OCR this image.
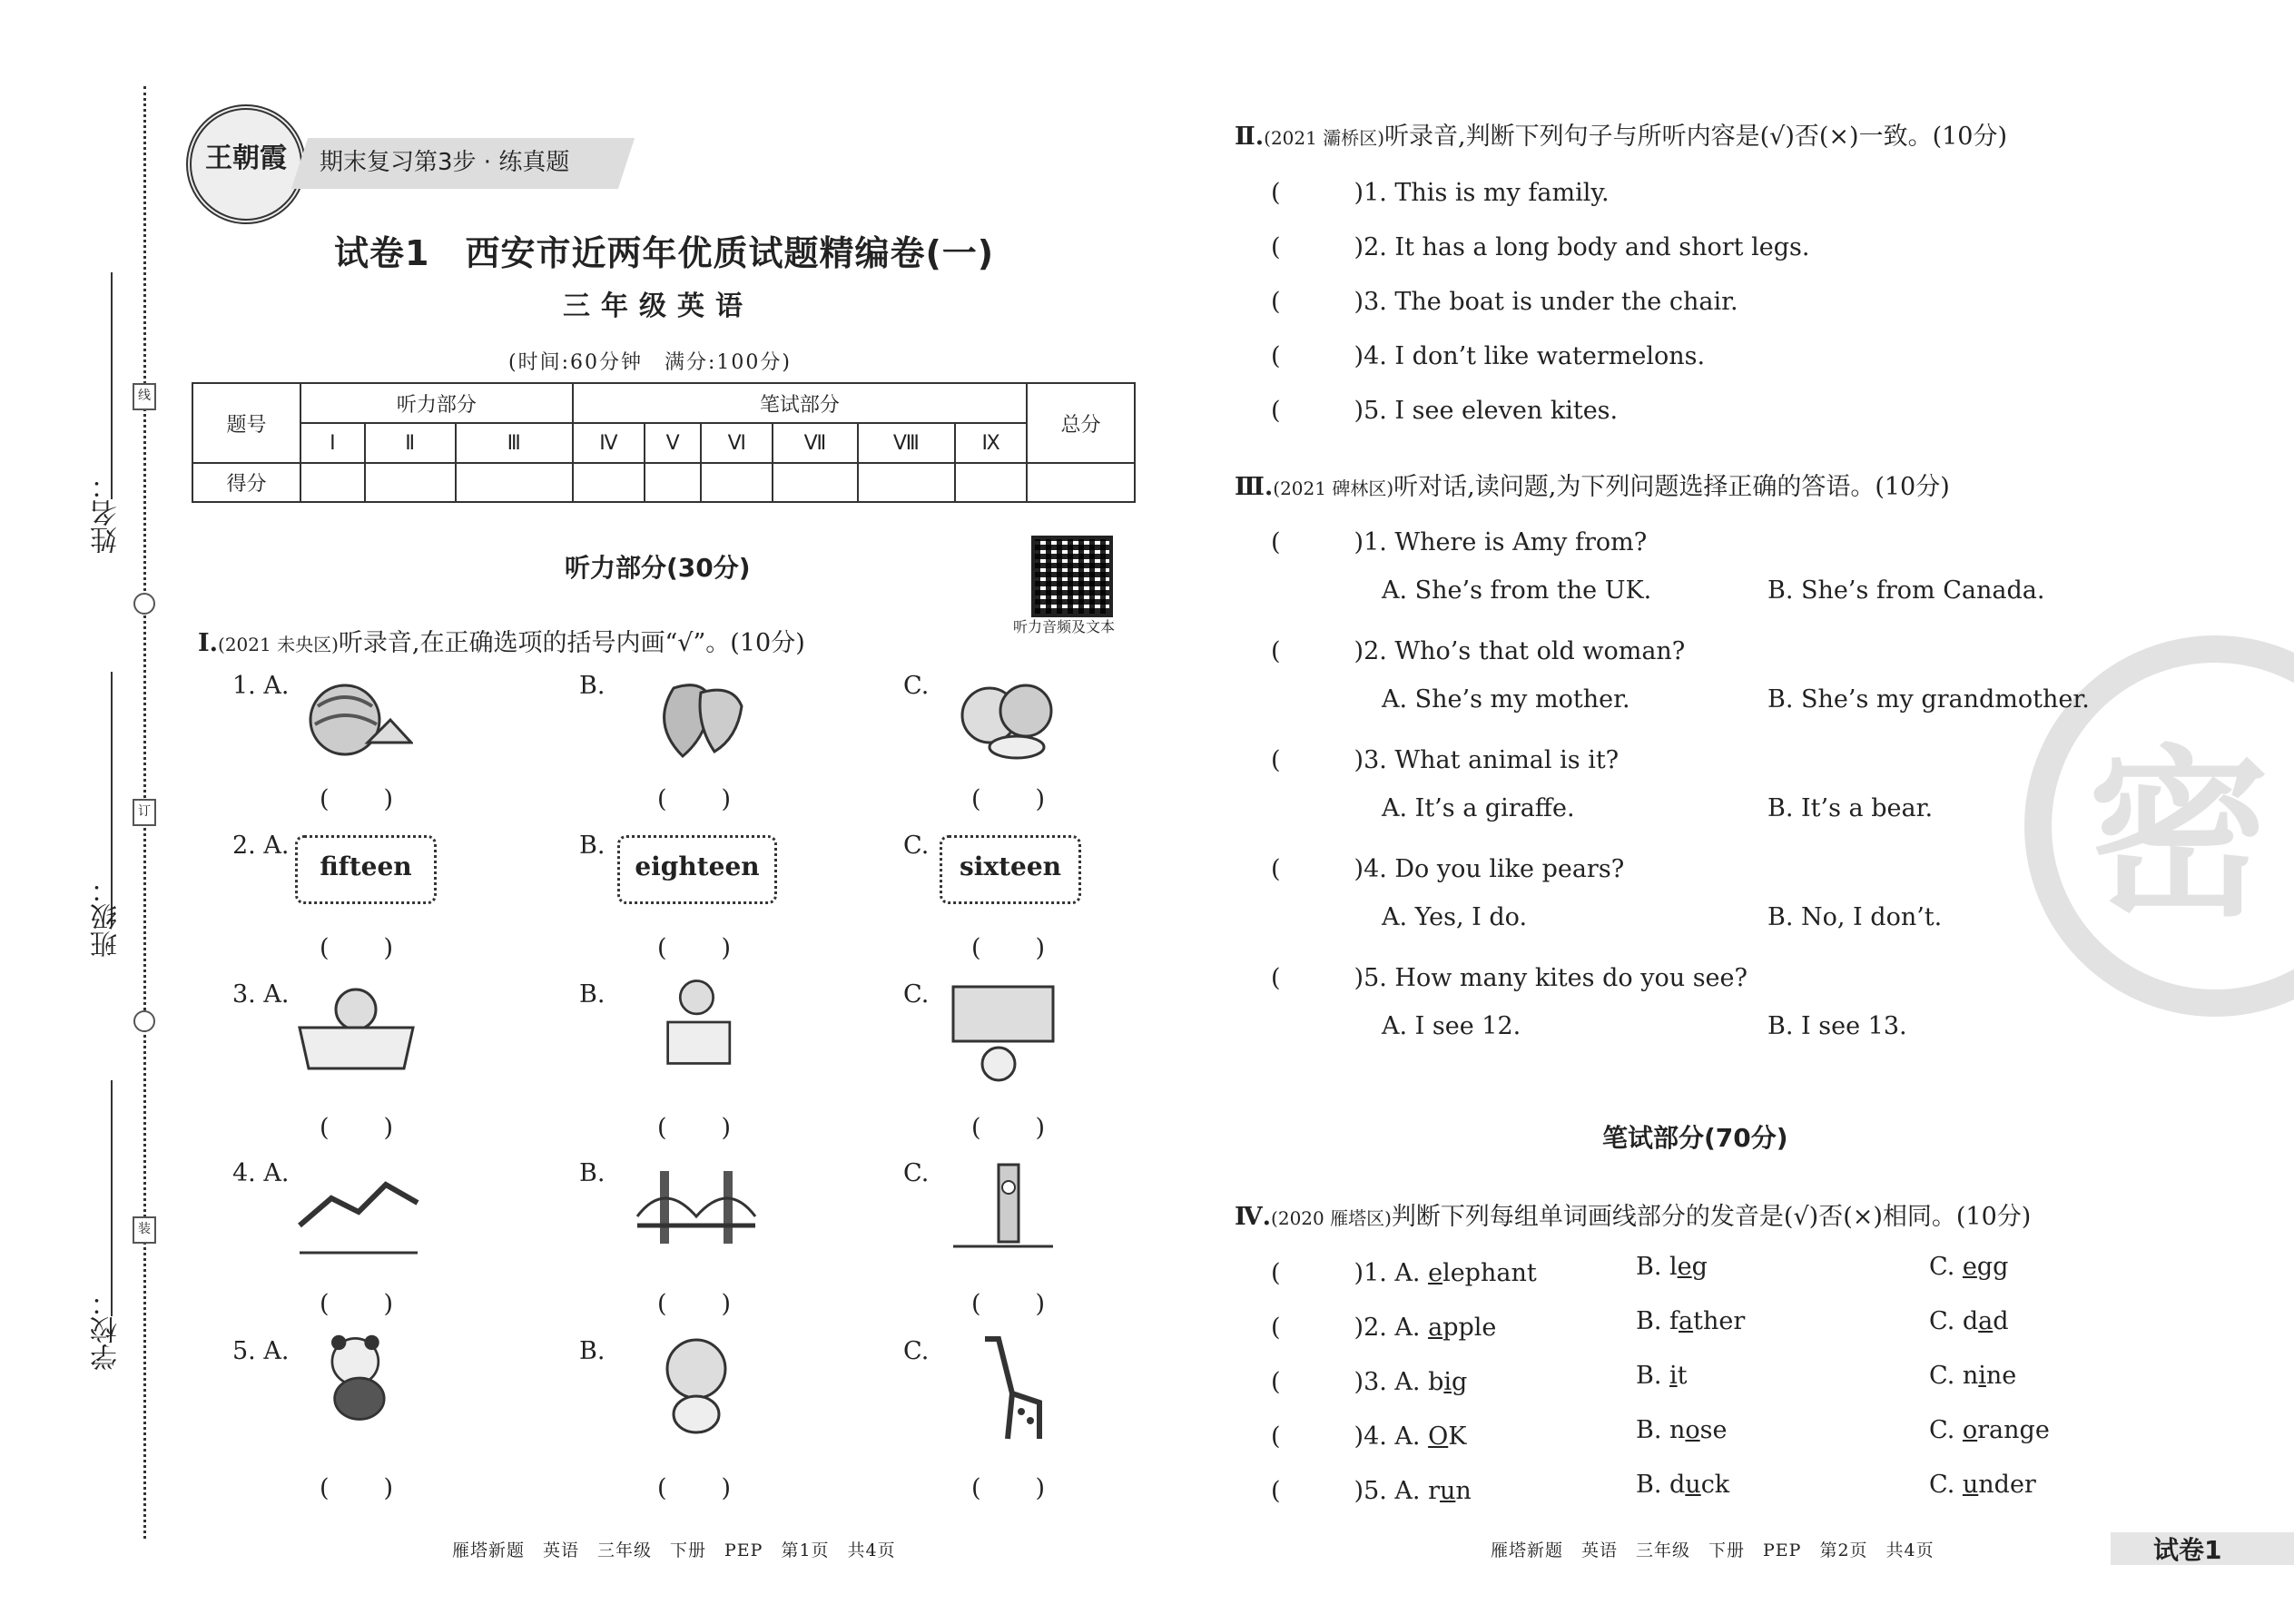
姓名：
班级：
学校：
线
订
装
王朝霞	期末复习第3步 · 练真题
试卷1　西安市近两年优质试题精编卷(一)
三年级英语
(时间:60分钟　满分:100分)
题号	听力部分			笔试部分						总分
	Ⅰ	Ⅱ	Ⅲ	Ⅳ	Ⅴ	Ⅵ	Ⅶ	Ⅷ	Ⅸ	
得分										
听力部分(30分)
听力音频及文本
Ⅰ.(2021 未央区)听录音,在正确选项的括号内画“√”。(10分)
1. A.	B.	C.
(　　)	(　　)	(　　)
2. A.	B.	C.
fifteen	eighteen	sixteen
(　　)	(　　)	(　　)
3. A.	B.	C.
(　　)	(　　)	(　　)
4. A.	B.	C.
(　　)	(　　)	(　　)
5. A.	B.	C.
(　　)	(　　)	(　　)
雁塔新题　英语　三年级　下册　PEP　第1页　共4页
密
Ⅱ.(2021 灞桥区)听录音,判断下列句子与所听内容是(√)否(×)一致。(10分)
(　　　)1. This is my family.
(　　　)2. It has a long body and short legs.
(　　　)3. The boat is under the chair.
(　　　)4. I don’t like watermelons.
(　　　)5. I see eleven kites.
Ⅲ.(2021 碑林区)听对话,读问题,为下列问题选择正确的答语。(10分)
(　　　)1. Where is Amy from?
A. She’s from the UK.	B. She’s from Canada.
(　　　)2. Who’s that old woman?
A. She’s my mother.	B. She’s my grandmother.
(　　　)3. What animal is it?
A. It’s a giraffe.	B. It’s a bear.
(　　　)4. Do you like pears?
A. Yes, I do.	B. No, I don’t.
(　　　)5. How many kites do you see?
A. I see 12.	B. I see 13.
笔试部分(70分)
Ⅳ.(2020 雁塔区)判断下列每组单词画线部分的发音是(√)否(×)相同。(10分)
(　　　)1. A. elephant	B. leg	C. egg
(　　　)2. A. apple	B. father	C. dad
(　　　)3. A. big	B. it	C. nine
(　　　)4. A. OK	B. nose	C. orange
(　　　)5. A. run	B. duck	C. under
雁塔新题　英语　三年级　下册　PEP　第2页　共4页	试卷1
